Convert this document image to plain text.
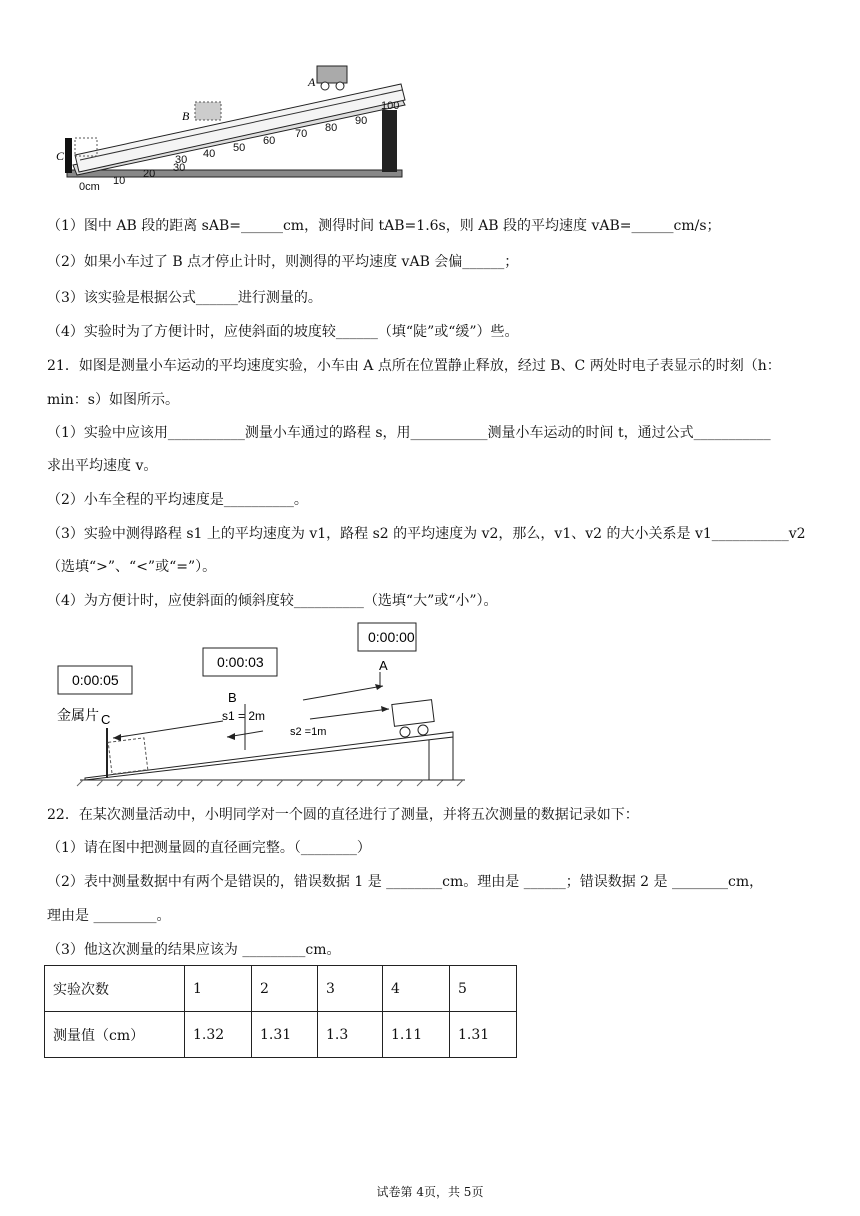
A
B
C	30 40 50
60
70 80
90
100
0cm 10
20 30
（1）图中 AB 段的距离 sAB=______cm，测得时间 tAB=1.6s，则 AB 段的平均速度 vAB=______cm/s；
（2）如果小车过了 B 点才停止计时，则测得的平均速度 vAB 会偏______；
（3）该实验是根据公式______进行测量的。
（4）实验时为了方便计时，应使斜面的坡度较______（填“陡”或“缓”）些。
21．如图是测量小车运动的平均速度实验，小车由 A 点所在位置静止释放，经过 B、C 两处时电子表显示的时刻（h：
min：s）如图所示。
（1）实验中应该用___________测量小车通过的路程 s，用___________测量小车运动的时间 t，通过公式___________
求出平均速度 v。
（2）小车全程的平均速度是__________。
（3）实验中测得路程 s1 上的平均速度为 v1，路程 s2 的平均速度为 v2，那么，v1、v2 的大小关系是 v1___________v2
（选填“>”、“<”或“=”）。
（4）为方便计时，应使斜面的倾斜度较__________（选填“大”或“小”）。
0:00:00
0:00:03
0:00:05
A
B
s1 = 2m
s2 =1m
金属片 C
22．在某次测量活动中，小明同学对一个圆的直径进行了测量，并将五次测量的数据记录如下：
（1）请在图中把测量圆的直径画完整。（________）
（2）表中测量数据中有两个是错误的，错误数据 1 是 ________cm。理由是 ______；错误数据 2 是 ________cm，
理由是 _________。
（3）他这次测量的结果应该为 _________cm。
实验次数	1	2	3	4	5
测量值（cm）	1.32	1.31	1.3	1.11	1.31
试卷第 4页，共 5页
